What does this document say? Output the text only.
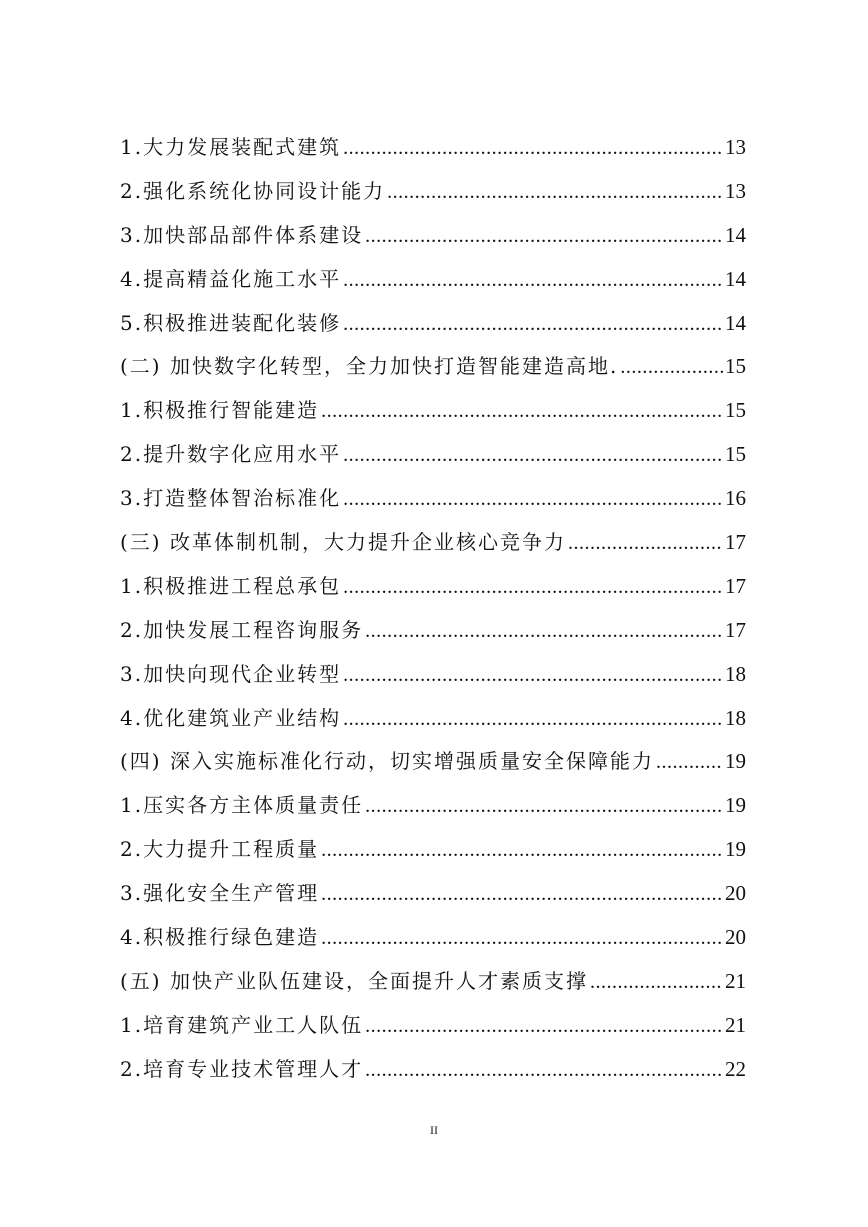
1.大力发展装配式建筑 .....	13
2.强化系统化协同设计能力 .....	13
3.加快部品部件体系建设 .....	14
4.提高精益化施工水平 .....	14
5.积极推进装配化装修 .....	14
(二) 加快数字化转型，全力加快打造智能建造高地. .....	15
1.积极推行智能建造 .....	15
2.提升数字化应用水平 .....	15
3.打造整体智治标准化 .....	16
(三) 改革体制机制，大力提升企业核心竞争力 .....	17
1.积极推进工程总承包 .....	17
2.加快发展工程咨询服务 .....	17
3.加快向现代企业转型 .....	18
4.优化建筑业产业结构 .....	18
(四) 深入实施标准化行动，切实增强质量安全保障能力 .....	19
1.压实各方主体质量责任 .....	19
2.大力提升工程质量 .....	19
3.强化安全生产管理 .....	20
4.积极推行绿色建造 .....	20
(五) 加快产业队伍建设，全面提升人才素质支撑 .....	21
1.培育建筑产业工人队伍 .....	21
2.培育专业技术管理人才 .....	22
II
